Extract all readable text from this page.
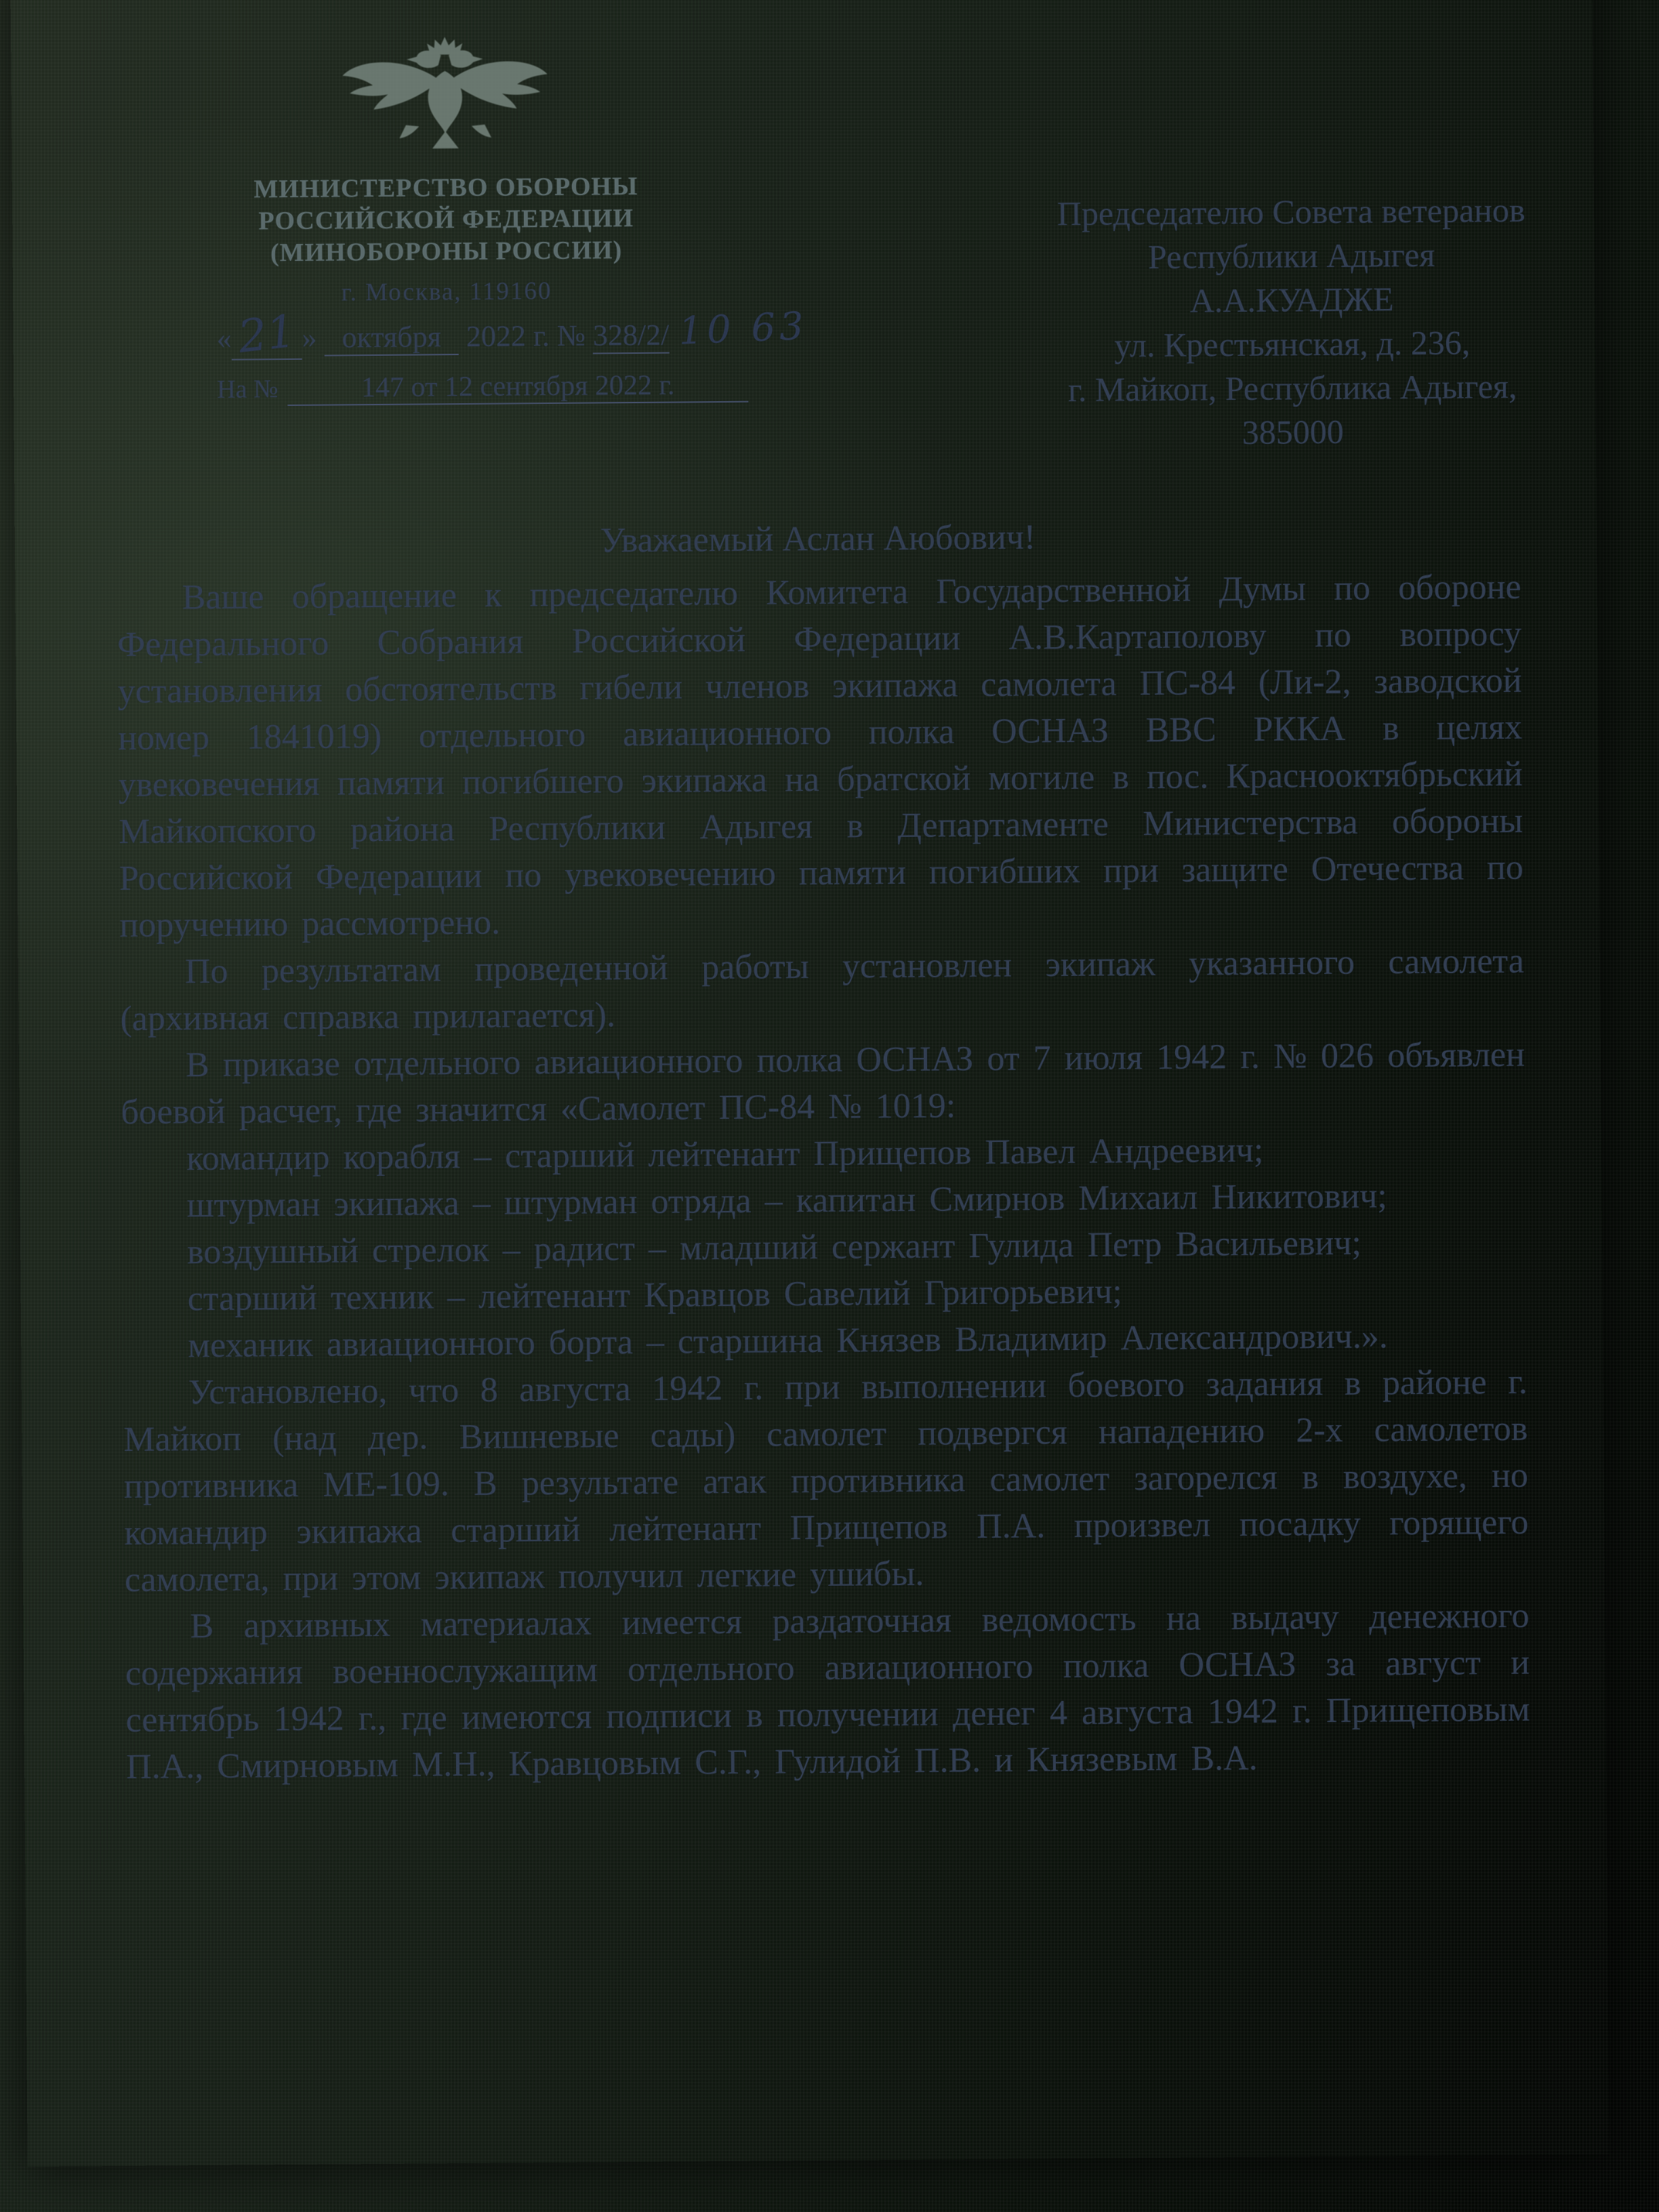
МИНИСТЕРСТВО ОБОРОНЫ
РОССИЙСКОЙ ФЕДЕРАЦИИ
(МИНОБОРОНЫ РОССИИ)
г. Москва, 119160
«21 » октября 2022 г. № 328/2/ 10 63
На №	147 от 12 сентября 2022 г.
Председателю Совета ветеранов
Республики Адыгея
А.А.КУАДЖЕ
ул. Крестьянская, д. 236,
г. Майкоп, Республика Адыгея,
385000
Уважаемый Аслан Аюбович!

Ваше обращение к председателю Комитета Государственной Думы по обороне Федерального Собрания Российской Федерации А.В.Картаполову по вопросу установления обстоятельств гибели членов экипажа самолета ПС-84 (Ли-2, заводской номер 1841019) отдельного авиационного полка ОСНАЗ ВВС РККА в целях увековечения памяти погибшего экипажа на братской могиле в пос. Краснооктябрьский Майкопского района Республики Адыгея в Департаменте Министерства обороны Российской Федерации по увековечению памяти погибших при защите Отечества по поручению рассмотрено.

По результатам проведенной работы установлен экипаж указанного самолета (архивная справка прилагается).

В приказе отдельного авиационного полка ОСНАЗ от 7 июля 1942 г. № 026 объявлен боевой расчет, где значится «Самолет ПС-84 № 1019:

командир корабля – старший лейтенант Прищепов Павел Андреевич;

штурман экипажа – штурман отряда – капитан Смирнов Михаил Никитович;

воздушный стрелок – радист – младший сержант Гулида Петр Васильевич;

старший техник – лейтенант Кравцов Савелий Григорьевич;

механик авиационного борта – старшина Князев Владимир Александрович.».

Установлено, что 8 августа 1942 г. при выполнении боевого задания в районе г. Майкоп (над дер. Вишневые сады) самолет подвергся нападению 2-х самолетов противника МЕ-109. В результате атак противника самолет загорелся в воздухе, но командир экипажа старший лейтенант Прищепов П.А. произвел посадку горящего самолета, при этом экипаж получил легкие ушибы.

В архивных материалах имеется раздаточная ведомость на выдачу денежного содержания военнослужащим отдельного авиационного полка ОСНАЗ за август и сентябрь 1942 г., где имеются подписи в получении денег 4 августа 1942 г. Прищеповым П.А., Смирновым М.Н., Кравцовым С.Г., Гулидой П.В. и Князевым В.А.
